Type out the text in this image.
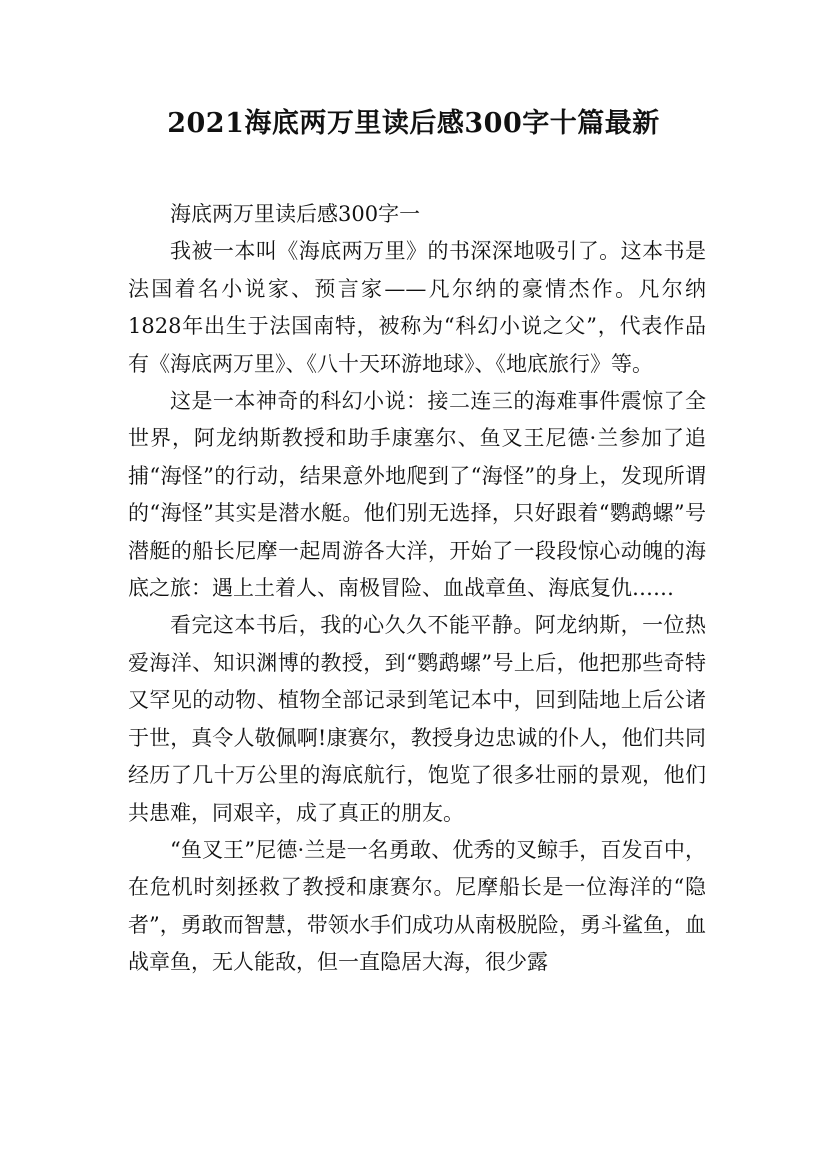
2021海底两万里读后感300字十篇最新

海底两万里读后感300字一

我被一本叫《海底两万里》的书深深地吸引了。这本书是法国着名小说家、预言家——凡尔纳的豪情杰作。凡尔纳1828年出生于法国南特，被称为“科幻小说之父”，代表作品有《海底两万里》、《八十天环游地球》、《地底旅行》等。

这是一本神奇的科幻小说：接二连三的海难事件震惊了全世界，阿龙纳斯教授和助手康塞尔、鱼叉王尼德·兰参加了追捕“海怪”的行动，结果意外地爬到了“海怪”的身上，发现所谓的“海怪”其实是潜水艇。他们别无选择，只好跟着“鹦鹉螺”号潜艇的船长尼摩一起周游各大洋，开始了一段段惊心动魄的海底之旅：遇上土着人、南极冒险、血战章鱼、海底复仇……

看完这本书后，我的心久久不能平静。阿龙纳斯，一位热爱海洋、知识渊博的教授，到“鹦鹉螺”号上后，他把那些奇特又罕见的动物、植物全部记录到笔记本中，回到陆地上后公诸于世，真令人敬佩啊!康赛尔，教授身边忠诚的仆人，他们共同经历了几十万公里的海底航行，饱览了很多壮丽的景观，他们共患难，同艰辛，成了真正的朋友。

“鱼叉王”尼德·兰是一名勇敢、优秀的叉鲸手，百发百中，在危机时刻拯救了教授和康赛尔。尼摩船长是一位海洋的“隐者”，勇敢而智慧，带领水手们成功从南极脱险，勇斗鲨鱼，血战章鱼，无人能敌，但一直隐居大海，很少露
